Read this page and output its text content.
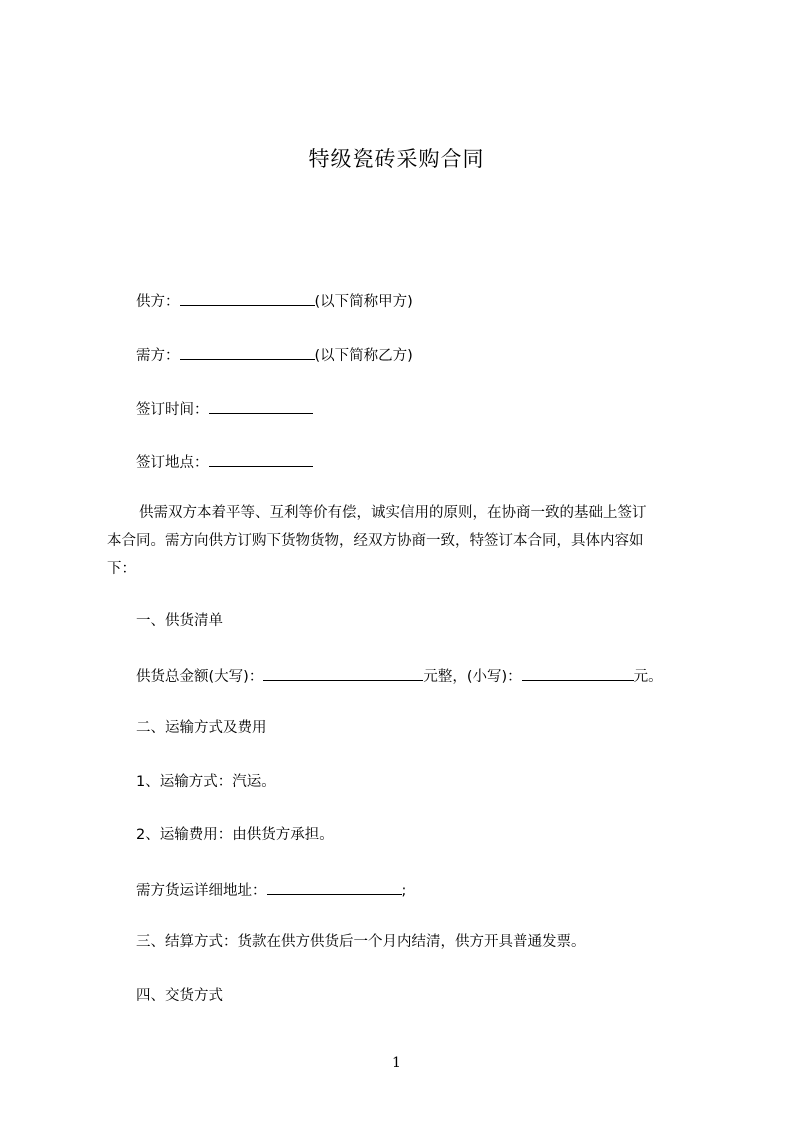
特级瓷砖采购合同
供方：	(以下简称甲方)
需方：	(以下简称乙方)
签订时间：
签订地点：
供需双方本着平等、互利等价有偿，诚实信用的原则，在协商一致的基础上签订
本合同。需方向供方订购下货物货物，经双方协商一致，特签订本合同，具体内容如
下：
一、供货清单
供货总金额(大写)：	元整，(小写)：	元。
二、运输方式及费用
1、运输方式：汽运。
2、运输费用：由供货方承担。
需方货运详细地址：	;
三、结算方式：货款在供方供货后一个月内结清，供方开具普通发票。
四、交货方式
1
